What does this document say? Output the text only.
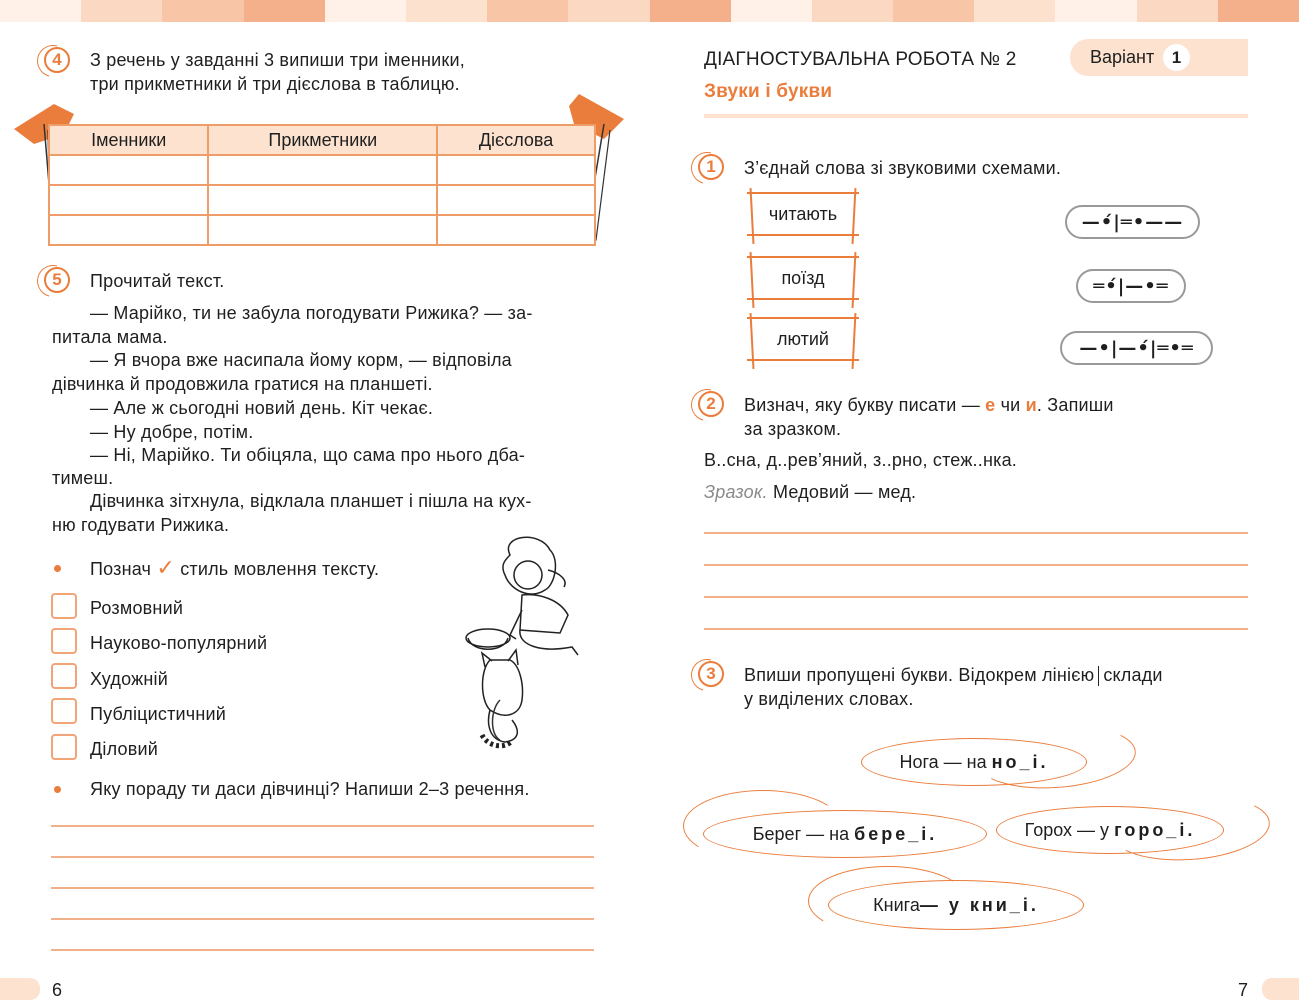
4	З речень у завданні 3 випиши три іменники,
три прикметники й три дієслова в таблицю.
Іменники	Прикметники	Дієслова

5	Прочитай текст.
— Марійко, ти не забула погодувати Рижика? — за-
питала мама.
— Я вчора вже насипала йому корм, — відповіла
дівчинка й продовжила гратися на планшеті.
— Але ж сьогодні новий день. Кіт чекає.
— Ну добре, потім.
— Ні, Марійко. Ти обіцяла, що сама про нього дба-
тимеш.
Дівчинка зітхнула, відклала планшет і пішла на кух-
ню годувати Рижика.
Познач ✓ стиль мовлення тексту.
Розмовний
Науково-популярний
Художній
Публіцистичний
Діловий
Яку пораду ти даси дівчинці? Напиши 2–3 речення.
6
ДІАГНОСТУВАЛЬНА РОБОТА № 2
Звуки і букви
Варіант	1
1	З’єднай слова зі звуковими схемами.
читають
поїзд
лютий
—•́|═•——
═•́|—•═
—•|—•́|═•═
2	Визнач, яку букву писати — е чи и. Запиши
за зразком.
В..сна, д..рев’яний, з..рно, стеж..нка.
Зразок. Медовий — мед.
3	Впиши пропущені букви. Відокрем лінією склади
у виділених словах.
Нога — на
но_і.
Берег — на
бере_і.	Горох — у
горо_і.
Книга — у кни_і.
7
